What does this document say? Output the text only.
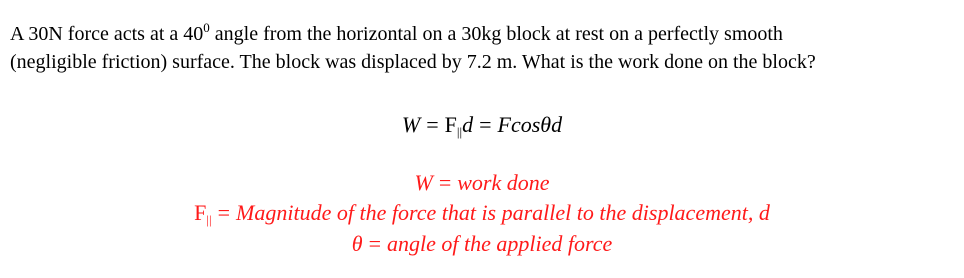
A 30N force acts at a $40^0$ angle from the horizontal on a 30kg block at rest on a perfectly smooth
(negligible friction) surface. The block was displaced by 7.2 m. What is the work done on the block?
$W = F_{||}d = Fcos\theta d$
W = work done
$F_{||}$ = Magnitude of the force that is parallel to the displacement, d
θ = angle of the applied force
